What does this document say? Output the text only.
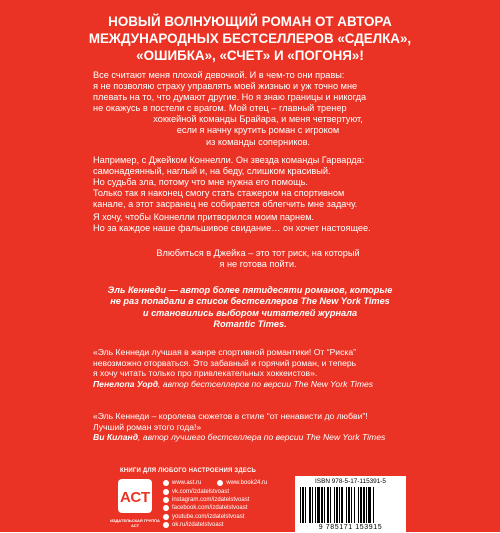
НОВЫЙ ВОЛНУЮЩИЙ РОМАН ОТ АВТОРА
МЕЖДУНАРОДНЫХ БЕСТСЕЛЛЕРОВ «СДЕЛКА»,
«ОШИБКА», «СЧЕТ» И «ПОГОНЯ»!
Все считают меня плохой девочкой. И в чем-то они правы:
я не позволяю страху управлять моей жизнью и уж точно мне
плевать на то, что думают другие. Но я знаю границы и никогда
не окажусь в постели с врагом. Мой отец – главный тренер
хоккейной команды Брайара, и меня четвертуют,
если я начну крутить роман с игроком
из команды соперников.
Например, с Джейком Коннелли. Он звезда команды Гарварда:
самонадеянный, наглый и, на беду, слишком красивый.
Но судьба зла, потому что мне нужна его помощь.
Только так я наконец смогу стать стажером на спортивном
канале, а этот засранец не собирается облегчить мне задачу.
Я хочу, чтобы Коннелли притворился моим парнем.
Но за каждое наше фальшивое свидание… он хочет настоящее.
Влюбиться в Джейка – это тот риск, на который
я не готова пойти.
Эль Кеннеди — автор более пятидесяти романов, которые
не раз попадали в список бестселлеров The New York Times
и становились выбором читателей журнала
Romantic Times.
«Эль Кеннеди лучшая в жанре спортивной романтики! От “Риска”
невозможно оторваться. Это забавный и горячий роман, и теперь
я хочу читать только про привлекательных хоккеистов».
Пенелопа Уорд, автор бестселлеров по версии The New York Times
«Эль Кеннеди – королева сюжетов в стиле “от ненависти до любви”!
Лучший роман этого года!»
Ви Киланд, автор лучшего бестселлера по версии The New York Times
КНИГИ ДЛЯ ЛЮБОГО НАСТРОЕНИЯ ЗДЕСЬ
АСТ
ИЗДАТЕЛЬСКАЯ ГРУППА АСТ
www.ast.ru	www.book24.ru
vk.com/izdatelstvoast
instagram.com/izdatelstvoast
facebook.com/izdatelstvoast
youtube.com/izdatelstvoast
ok.ru/izdatelstvoast
ISBN 978-5-17-115391-5
9 785171 153915
